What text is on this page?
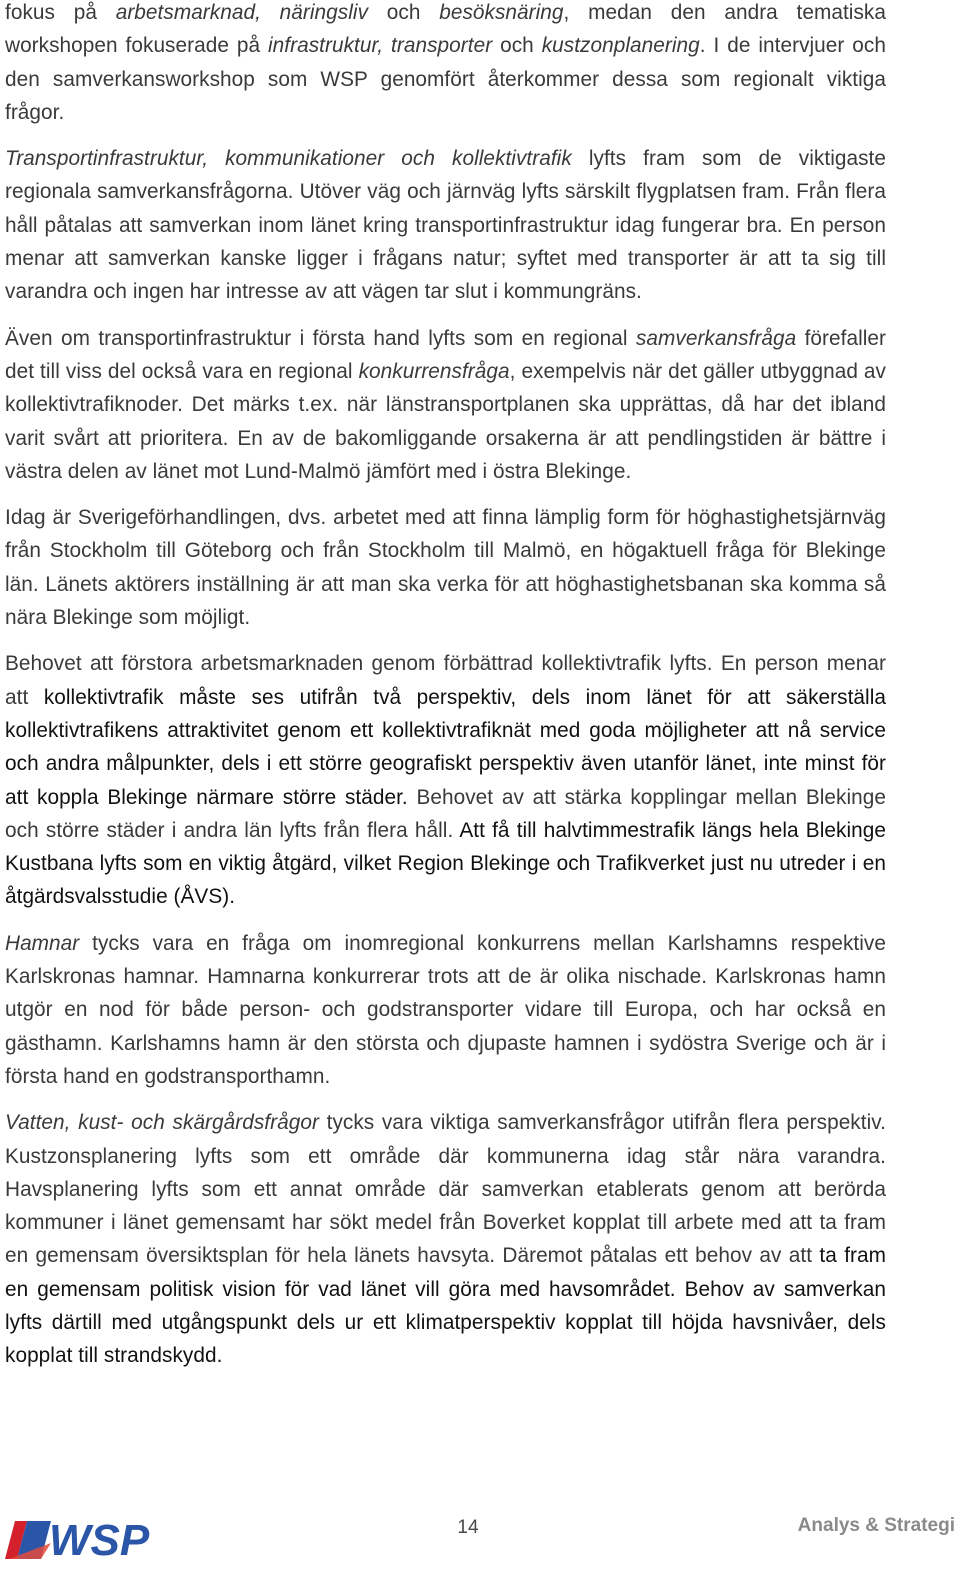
fokus på arbetsmarknad, näringsliv och besöksnäring, medan den andra tematiska workshopen fokuserade på infrastruktur, transporter och kustzonplanering. I de intervjuer och den samverkansworkshop som WSP genomfört återkommer dessa som regionalt viktiga frågor.

Transportinfrastruktur, kommunikationer och kollektivtrafik lyfts fram som de viktigaste regionala samverkansfrågorna. Utöver väg och järnväg lyfts särskilt flygplatsen fram. Från flera håll påtalas att samverkan inom länet kring transportinfrastruktur idag fungerar bra. En person menar att samverkan kanske ligger i frågans natur; syftet med transporter är att ta sig till varandra och ingen har intresse av att vägen tar slut i kommungräns.

Även om transportinfrastruktur i första hand lyfts som en regional samverkansfråga förefaller det till viss del också vara en regional konkurrensfråga, exempelvis när det gäller utbyggnad av kollektivtrafiknoder. Det märks t.ex. när länstransportplanen ska upprättas, då har det ibland varit svårt att prioritera. En av de bakomliggande orsakerna är att pendlingstiden är bättre i västra delen av länet mot Lund-Malmö jämfört med i östra Blekinge.

Idag är Sverigeförhandlingen, dvs. arbetet med att finna lämplig form för höghastighetsjärnväg från Stockholm till Göteborg och från Stockholm till Malmö, en högaktuell fråga för Blekinge län. Länets aktörers inställning är att man ska verka för att höghastighetsbanan ska komma så nära Blekinge som möjligt.

Behovet att förstora arbetsmarknaden genom förbättrad kollektivtrafik lyfts. En person menar att kollektivtrafik måste ses utifrån två perspektiv, dels inom länet för att säkerställa kollektivtrafikens attraktivitet genom ett kollektivtrafiknät med goda möjligheter att nå service och andra målpunkter, dels i ett större geografiskt perspektiv även utanför länet, inte minst för att koppla Blekinge närmare större städer. Behovet av att stärka kopplingar mellan Blekinge och större städer i andra län lyfts från flera håll. Att få till halvtimmestrafik längs hela Blekinge Kustbana lyfts som en viktig åtgärd, vilket Region Blekinge och Trafikverket just nu utreder i en åtgärdsvalsstudie (ÅVS).

Hamnar tycks vara en fråga om inomregional konkurrens mellan Karlshamns respektive Karlskronas hamnar. Hamnarna konkurrerar trots att de är olika nischade. Karlskronas hamn utgör en nod för både person- och godstransporter vidare till Europa, och har också en gästhamn. Karlshamns hamn är den största och djupaste hamnen i sydöstra Sverige och är i första hand en godstransporthamn.

Vatten, kust- och skärgårdsfrågor tycks vara viktiga samverkansfrågor utifrån flera perspektiv. Kustzonsplanering lyfts som ett område där kommunerna idag står nära varandra. Havsplanering lyfts som ett annat område där samverkan etablerats genom att berörda kommuner i länet gemensamt har sökt medel från Boverket kopplat till arbete med att ta fram en gemensam översiktsplan för hela länets havsyta. Däremot påtalas ett behov av att ta fram en gemensam politisk vision för vad länet vill göra med havsområdet. Behov av samverkan lyfts därtill med utgångspunkt dels ur ett klimatperspektiv kopplat till höjda havsnivåer, dels kopplat till strandskydd.

WSP	14	Analys & Strategi
